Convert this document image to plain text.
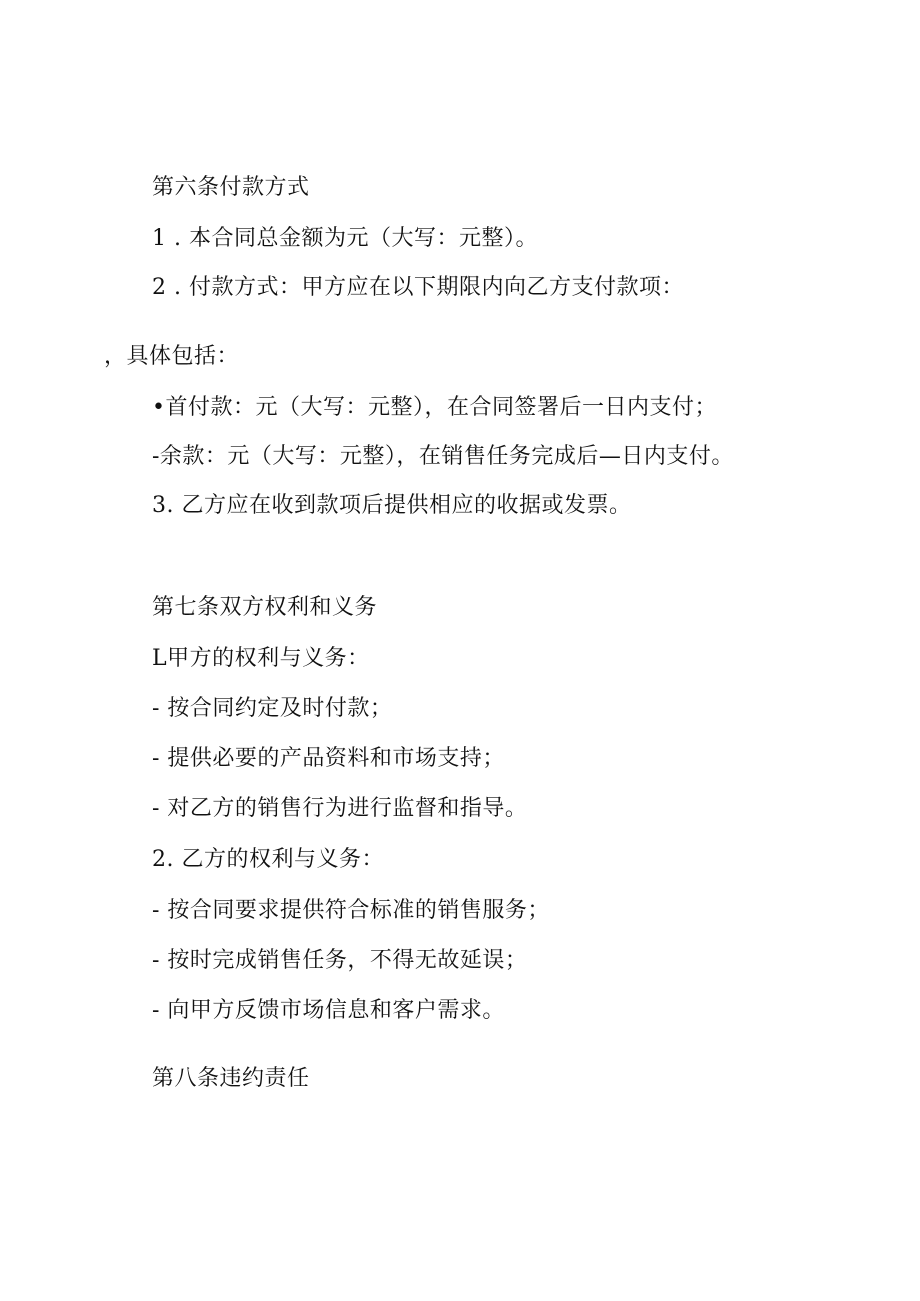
第六条付款方式
1 . 本合同总金额为元（大写：元整）。
2 . 付款方式：甲方应在以下期限内向乙方支付款项：
，具体包括：
•首付款：元（大写：元整），在合同签署后一日内支付；
-余款：元（大写：元整），在销售任务完成后—日内支付。
3. 乙方应在收到款项后提供相应的收据或发票。
第七条双方权利和义务
L甲方的权利与义务：
- 按合同约定及时付款；
- 提供必要的产品资料和市场支持；
- 对乙方的销售行为进行监督和指导。
2. 乙方的权利与义务：
- 按合同要求提供符合标准的销售服务；
- 按时完成销售任务，不得无故延误；
- 向甲方反馈市场信息和客户需求。
第八条违约责任
